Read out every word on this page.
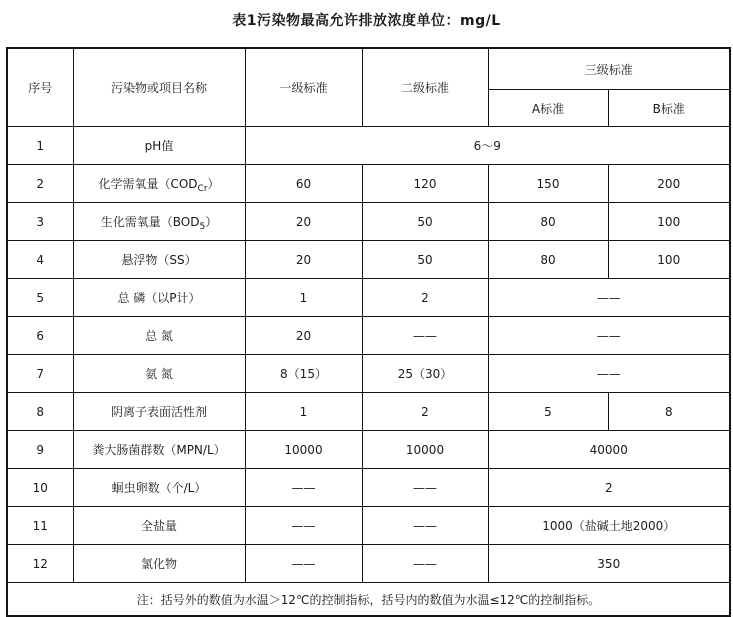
表1污染物最高允许排放浓度单位：mg/L
序号	污染物或项目名称	一级标准	二级标准	三级标准	
				A标准	B标准
1	pH值	6～9			
2	化学需氧量$(COD_{Cr})$	60	120	150	200
3	生化需氧量$(BOD_5)$	20	50	80	100
4	悬浮物（SS）	20	50	80	100
5	总 磷（以P计）	1	2	——	
6	总 氮	20	——	——	
7	氨 氮	8（15）	25（30）	——	
8	阴离子表面活性剂	1	2	5	8
9	粪大肠菌群数（MPN/L）	10000	10000	40000	
10	蛔虫卵数（个/L）	——	——	2	
11	全盐量	——	——	1000（盐碱土地2000）	
12	氯化物	——	——	350	
注：括号外的数值为水温＞12℃的控制指标，括号内的数值为水温≤12℃的控制指标。					
